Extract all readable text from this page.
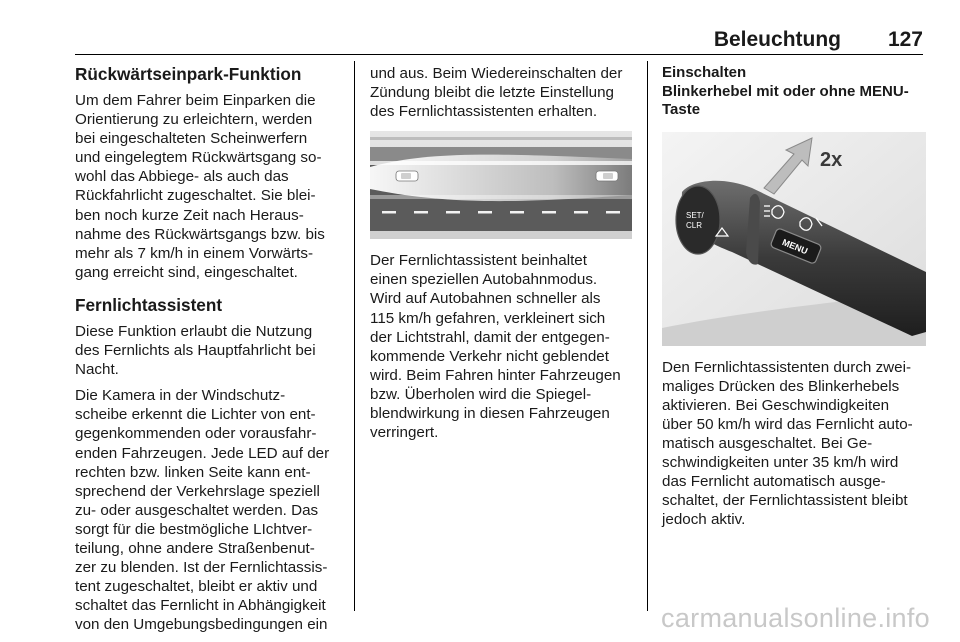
Beleuchtung 127
Rückwärtseinpark-Funktion

Um dem Fahrer beim Einparken die
Orientierung zu erleichtern, werden
bei eingeschalteten Scheinwerfern
und eingelegtem Rückwärtsgang so-
wohl das Abbiege- als auch das
Rückfahrlicht zugeschaltet. Sie blei-
ben noch kurze Zeit nach Heraus-
nahme des Rückwärtsgangs bzw. bis
mehr als 7 km/h in einem Vorwärts-
gang erreicht sind, eingeschaltet.

Fernlichtassistent

Diese Funktion erlaubt die Nutzung
des Fernlichts als Hauptfahrlicht bei
Nacht.

Die Kamera in der Windschutz-
scheibe erkennt die Lichter von ent-
gegenkommenden oder vorausfahr-
enden Fahrzeugen. Jede LED auf der
rechten bzw. linken Seite kann ent-
sprechend der Verkehrslage speziell
zu- oder ausgeschaltet werden. Das
sorgt für die bestmögliche LIchtver-
teilung, ohne andere Straßenbenut-
zer zu blenden. Ist der Fernlichtassis-
tent zugeschaltet, bleibt er aktiv und
schaltet das Fernlicht in Abhängigkeit
von den Umgebungsbedingungen ein

und aus. Beim Wiedereinschalten der
Zündung bleibt die letzte Einstellung
des Fernlichtassistenten erhalten.

Der Fernlichtassistent beinhaltet
einen speziellen Autobahnmodus.
Wird auf Autobahnen schneller als
115 km/h gefahren, verkleinert sich
der Lichtstrahl, damit der entgegen-
kommende Verkehr nicht geblendet
wird. Beim Fahren hinter Fahrzeugen
bzw. Überholen wird die Spiegel-
blendwirkung in diesen Fahrzeugen
verringert.

Einschalten
Blinkerhebel mit oder ohne MENU-
Taste
SET/
CLR
MENU
2x

Den Fernlichtassistenten durch zwei-
maliges Drücken des Blinkerhebels
aktivieren. Bei Geschwindigkeiten
über 50 km/h wird das Fernlicht auto-
matisch ausgeschaltet. Bei Ge-
schwindigkeiten unter 35 km/h wird
das Fernlicht automatisch ausge-
schaltet, der Fernlichtassistent bleibt
jedoch aktiv.

carmanualsonline.info
